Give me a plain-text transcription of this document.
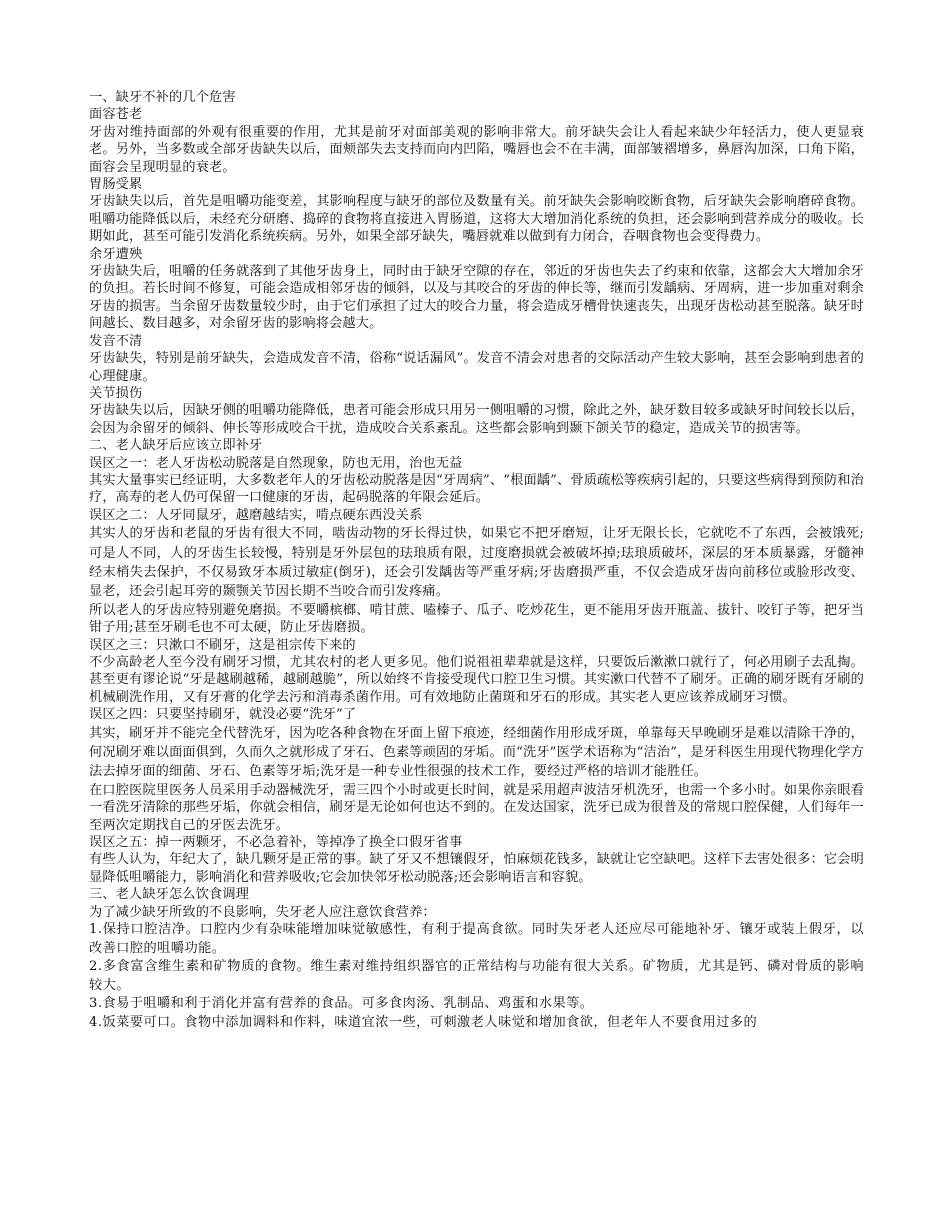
一、缺牙不补的几个危害

面容苍老

牙齿对维持面部的外观有很重要的作用，尤其是前牙对面部美观的影响非常大。前牙缺失会让人看起来缺少年轻活力，使人更显衰老。另外，当多数或全部牙齿缺失以后，面颊部失去支持而向内凹陷，嘴唇也会不在丰满，面部皱褶增多，鼻唇沟加深，口角下陷，面容会呈现明显的衰老。

胃肠受累

牙齿缺失以后，首先是咀嚼功能变差，其影响程度与缺牙的部位及数量有关。前牙缺失会影响咬断食物，后牙缺失会影响磨碎食物。咀嚼功能降低以后，未经充分研磨、捣碎的食物将直接进入胃肠道，这将大大增加消化系统的负担，还会影响到营养成分的吸收。长期如此，甚至可能引发消化系统疾病。另外，如果全部牙缺失，嘴唇就难以做到有力闭合，吞咽食物也会变得费力。

余牙遭殃

牙齿缺失后，咀嚼的任务就落到了其他牙齿身上，同时由于缺牙空隙的存在，邻近的牙齿也失去了约束和依靠，这都会大大增加余牙的负担。若长时间不修复，可能会造成相邻牙齿的倾斜，以及与其咬合的牙齿的伸长等，继而引发龋病、牙周病，进一步加重对剩余牙齿的损害。当余留牙齿数量较少时，由于它们承担了过大的咬合力量，将会造成牙槽骨快速丧失，出现牙齿松动甚至脱落。缺牙时间越长、数目越多，对余留牙齿的影响将会越大。

发音不清

牙齿缺失，特别是前牙缺失，会造成发音不清，俗称“说话漏风”。发音不清会对患者的交际活动产生较大影响，甚至会影响到患者的心理健康。

关节损伤

牙齿缺失以后，因缺牙侧的咀嚼功能降低，患者可能会形成只用另一侧咀嚼的习惯，除此之外，缺牙数目较多或缺牙时间较长以后，会因为余留牙的倾斜、伸长等形成咬合干扰，造成咬合关系紊乱。这些都会影响到颞下颌关节的稳定，造成关节的损害等。

二、老人缺牙后应该立即补牙

误区之一：老人牙齿松动脱落是自然现象，防也无用，治也无益

其实大量事实已经证明，大多数老年人的牙齿松动脱落是因“牙周病”、“根面龋”、骨质疏松等疾病引起的，只要这些病得到预防和治疗，高寿的老人仍可保留一口健康的牙齿，起码脱落的年限会延后。

误区之二：人牙同鼠牙，越磨越结实，啃点硬东西没关系

其实人的牙齿和老鼠的牙齿有很大不同，啮齿动物的牙长得过快，如果它不把牙磨短，让牙无限长长，它就吃不了东西，会被饿死;可是人不同，人的牙齿生长较慢，特别是牙外层包的珐琅质有限，过度磨损就会被破坏掉;珐琅质破坏，深层的牙本质暴露，牙髓神经末梢失去保护，不仅易致牙本质过敏症(倒牙)，还会引发龋齿等严重牙病;牙齿磨损严重，不仅会造成牙齿向前移位或脸形改变、显老，还会引起耳旁的颞颚关节因长期不当咬合而引发疼痛。

所以老人的牙齿应特别避免磨损。不要嚼槟榔、啃甘蔗、嗑榛子、瓜子、吃炒花生，更不能用牙齿开瓶盖、拔针、咬钉子等，把牙当钳子用;甚至牙刷毛也不可太硬，防止牙齿磨损。

误区之三：只漱口不刷牙，这是祖宗传下来的

不少高龄老人至今没有刷牙习惯，尤其农村的老人更多见。他们说祖祖辈辈就是这样，只要饭后漱漱口就行了，何必用刷子去乱掏。甚至更有谬论说“牙是越刷越稀，越刷越脆”，所以始终不肯接受现代口腔卫生习惯。其实漱口代替不了刷牙。正确的刷牙既有牙刷的机械刷洗作用，又有牙膏的化学去污和消毒杀菌作用。可有效地防止菌斑和牙石的形成。其实老人更应该养成刷牙习惯。

误区之四：只要坚持刷牙，就没必要“洗牙”了

其实，刷牙并不能完全代替洗牙，因为吃各种食物在牙面上留下痕迹，经细菌作用形成牙斑，单靠每天早晚刷牙是难以清除干净的，何况刷牙难以面面俱到，久而久之就形成了牙石、色素等顽固的牙垢。而“洗牙”医学术语称为“洁治”，是牙科医生用现代物理化学方法去掉牙面的细菌、牙石、色素等牙垢;洗牙是一种专业性很强的技术工作，要经过严格的培训才能胜任。

在口腔医院里医务人员采用手动器械洗牙，需三四个小时或更长时间，就是采用超声波洁牙机洗牙，也需一个多小时。如果你亲眼看一看洗牙清除的那些牙垢，你就会相信，刷牙是无论如何也达不到的。在发达国家，洗牙已成为很普及的常规口腔保健，人们每年一至两次定期找自己的牙医去洗牙。

误区之五：掉一两颗牙，不必急着补，等掉净了换全口假牙省事

有些人认为，年纪大了，缺几颗牙是正常的事。缺了牙又不想镶假牙，怕麻烦花钱多，缺就让它空缺吧。这样下去害处很多：它会明显降低咀嚼能力，影响消化和营养吸收;它会加快邻牙松动脱落;还会影响语言和容貌。

三、老人缺牙怎么饮食调理

为了减少缺牙所致的不良影响，失牙老人应注意饮食营养：

1.保持口腔洁净。口腔内少有杂味能增加味觉敏感性，有利于提高食欲。同时失牙老人还应尽可能地补牙、镶牙或装上假牙，以改善口腔的咀嚼功能。

2.多食富含维生素和矿物质的食物。维生素对维持组织器官的正常结构与功能有很大关系。矿物质，尤其是钙、磷对骨质的影响较大。

3.食易于咀嚼和利于消化并富有营养的食品。可多食肉汤、乳制品、鸡蛋和水果等。

4.饭菜要可口。食物中添加调料和作料，味道宜浓一些，可刺激老人味觉和增加食欲，但老年人不要食用过多的
